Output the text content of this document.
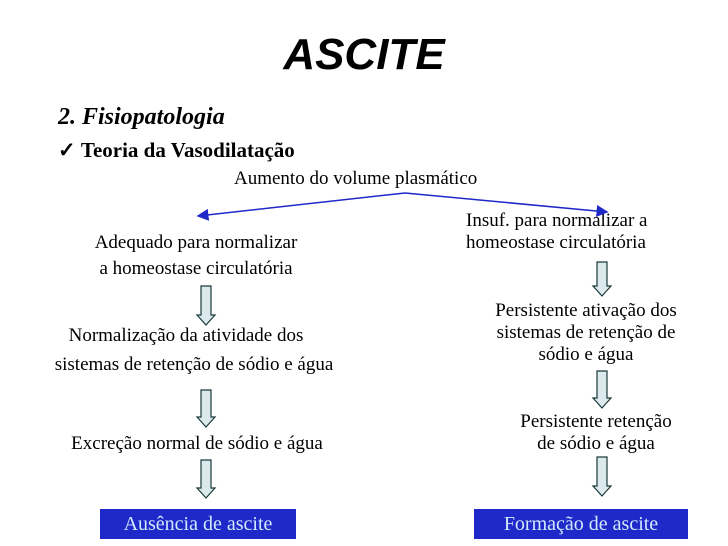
ASCITE
2. Fisiopatologia
✓ Teoria da Vasodilatação
Aumento do volume plasmático
Adequado para normalizar
a homeostase circulatória
Normalização da atividade dos
sistemas de retenção de sódio e água
Excreção normal de sódio e água
Ausência de ascite
Insuf. para normalizar a
homeostase circulatória
Persistente ativação dos
sistemas de retenção de
sódio e água
Persistente retenção
de sódio e água
Formação de ascite
